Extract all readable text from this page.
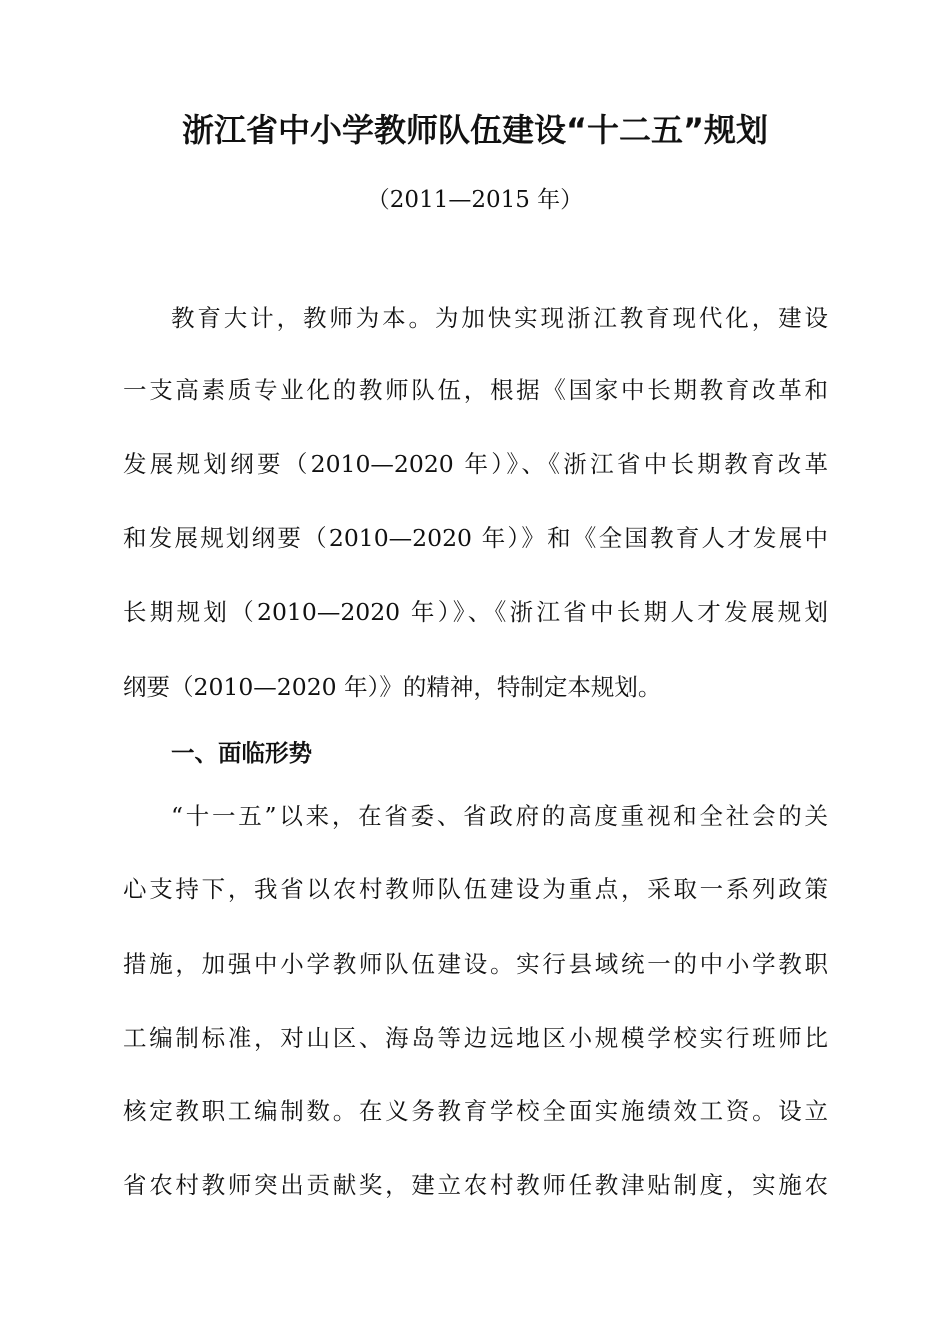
浙江省中小学教师队伍建设“十二五”规划
（2011—2015 年）
教育大计，教师为本。为加快实现浙江教育现代化，建设
一支高素质专业化的教师队伍，根据《国家中长期教育改革和
发展规划纲要（2010—2020 年）》、《浙江省中长期教育改革
和发展规划纲要（2010—2020 年）》和《全国教育人才发展中
长期规划（2010—2020 年）》、《浙江省中长期人才发展规划
纲要（2010—2020 年）》的精神，特制定本规划。
一、面临形势
“十一五”以来，在省委、省政府的高度重视和全社会的关
心支持下，我省以农村教师队伍建设为重点，采取一系列政策
措施，加强中小学教师队伍建设。实行县域统一的中小学教职
工编制标准，对山区、海岛等边远地区小规模学校实行班师比
核定教职工编制数。在义务教育学校全面实施绩效工资。设立
省农村教师突出贡献奖，建立农村教师任教津贴制度，实施农
